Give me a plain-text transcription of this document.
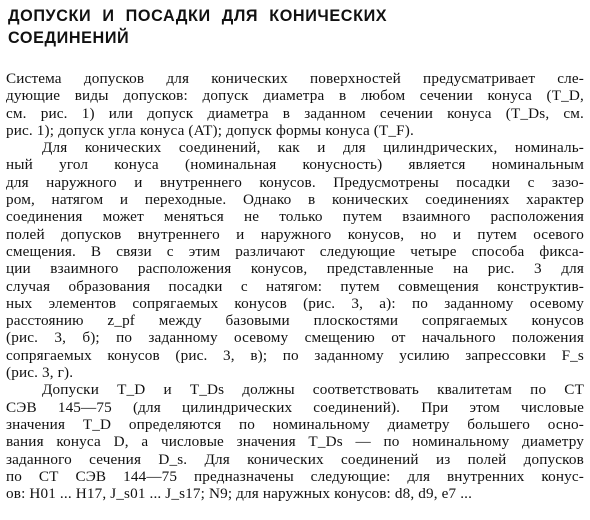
ДОПУСКИ И ПОСАДКИ ДЛЯ КОНИЧЕСКИХ
СОЕДИНЕНИЙ
Система допусков для конических поверхностей предусматривает сле-
дующие виды допусков: допуск диаметра в любом сечении конуса (T_D,
см. рис. 1) или допуск диаметра в заданном сечении конуса (T_Ds, см.
рис. 1); допуск угла конуса (AT); допуск формы конуса (T_F).
Для конических соединений, как и для цилиндрических, номиналь-
ный угол конуса (номинальная конусность) является номинальным
для наружного и внутреннего конусов. Предусмотрены посадки с зазо-
ром, натягом и переходные. Однако в конических соединениях характер
соединения может меняться не только путем взаимного расположения
полей допусков внутреннего и наружного конусов, но и путем осевого
смещения. В связи с этим различают следующие четыре способа фикса-
ции взаимного расположения конусов, представленные на рис. 3 для
случая образования посадки с натягом: путем совмещения конструктив-
ных элементов сопрягаемых конусов (рис. 3, а): по заданному осевому
расстоянию z_pf между базовыми плоскостями сопрягаемых конусов
(рис. 3, б); по заданному осевому смещению от начального положения
сопрягаемых конусов (рис. 3, в); по заданному усилию запрессовки F_s
(рис. 3, г).
Допуски T_D и T_Ds должны соответствовать квалитетам по СТ
СЭВ 145—75 (для цилиндрических соединений). При этом числовые
значения T_D определяются по номинальному диаметру большего осно-
вания конуса D, а числовые значения T_Ds — по номинальному диаметру
заданного сечения D_s. Для конических соединений из полей допусков
по СТ СЭВ 144—75 предназначены следующие: для внутренних конус-
ов: H01 ... H17, J_s01 ... J_s17; N9; для наружных конусов: d8, d9, e7 ...
